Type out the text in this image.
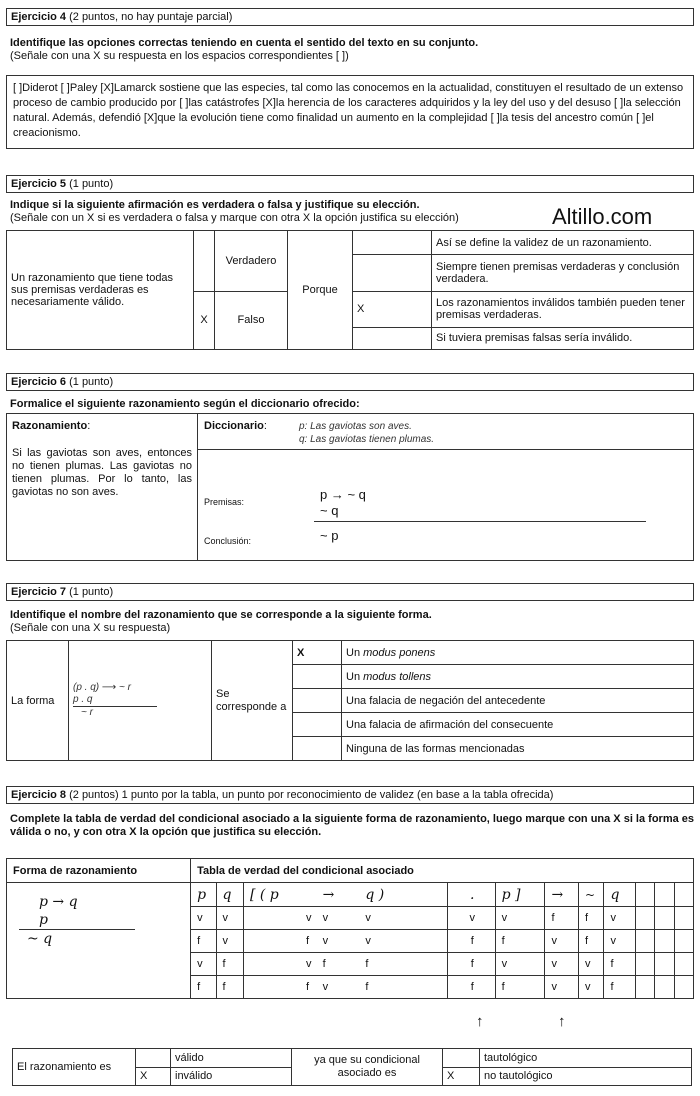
Ejercicio 4 (2 puntos, no hay puntaje parcial)
Identifique las opciones correctas teniendo en cuenta el sentido del texto en su conjunto.
(Señale con una X su respuesta en los espacios correspondientes [ ])
[ ]Diderot [ ]Paley [X]Lamarck sostiene que las especies, tal como las conocemos en la actualidad, constituyen el resultado de un extenso proceso de cambio producido por [ ]las catástrofes [X]la herencia de los caracteres adquiridos y la ley del uso y del desuso [ ]la selección natural. Además, defendió [X]que la evolución tiene como finalidad un aumento en la complejidad [ ]la tesis del ancestro común [ ]el creacionismo.
Ejercicio 5 (1 punto)
Indique si la siguiente afirmación es verdadera o falsa y justifique su elección.
(Señale con un X si es verdadera o falsa y marque con otra X la opción justifica su elección)	Altillo.com
Un razonamiento que tiene todas sus premisas verdaderas es necesariamente válido.		Verdadero	Porque		Así se define la validez de un razonamiento.
					Siempre tienen premisas verdaderas y conclusión verdadera.
	X	Falso		X	Los razonamientos inválidos también pueden tener premisas verdaderas.
					Si tuviera premisas falsas sería inválido.
Ejercicio 6 (1 punto)
Formalice el siguiente razonamiento según el diccionario ofrecido:
Razonamiento:
Si las gaviotas son aves, entonces no tienen plumas. Las gaviotas no tienen plumas. Por lo tanto, las gaviotas no son aves.
Diccionario:	p: Las gaviotas son aves.
q: Las gaviotas tienen plumas.
Premisas:	p → ~ q
~ q
Conclusión:	~ p
Ejercicio 7 (1 punto)
Identifique el nombre del razonamiento que se corresponde a la siguiente forma.
(Señale con una X su respuesta)
La forma	(p . q) ⟶ ~ r
p . q
~ r	Se corresponde a	X	Un modus ponens
				Un modus tollens
				Una falacia de negación del antecedente
				Una falacia de afirmación del consecuente
				Ninguna de las formas mencionadas
Ejercicio 8 (2 puntos) 1 punto por la tabla, un punto por reconocimiento de validez (en base a la tabla ofrecida)
Complete la tabla de verdad del condicional asociado a la siguiente forma de razonamiento, luego marque con una X si la forma es válida o no, y con otra X la opción que justifica su elección.
Forma de razonamiento	Tabla de verdad del condicional asociado												

p → q
p
~ q	p	q	[ ( p	→	q )	.	p ]	→	~	q			
	v	v	v	v	v	v	v	f	f	v			
	f	v	f	v	v	f	f	v	f	v			
	v	f	v	f	f	f	v	v	v	f			
	f	f	f	v	f	f	f	v	v	f			
↑	↑
El razonamiento es		válido	ya que su condicional asociado es		tautológico
	X	inválido		X	no tautológico
